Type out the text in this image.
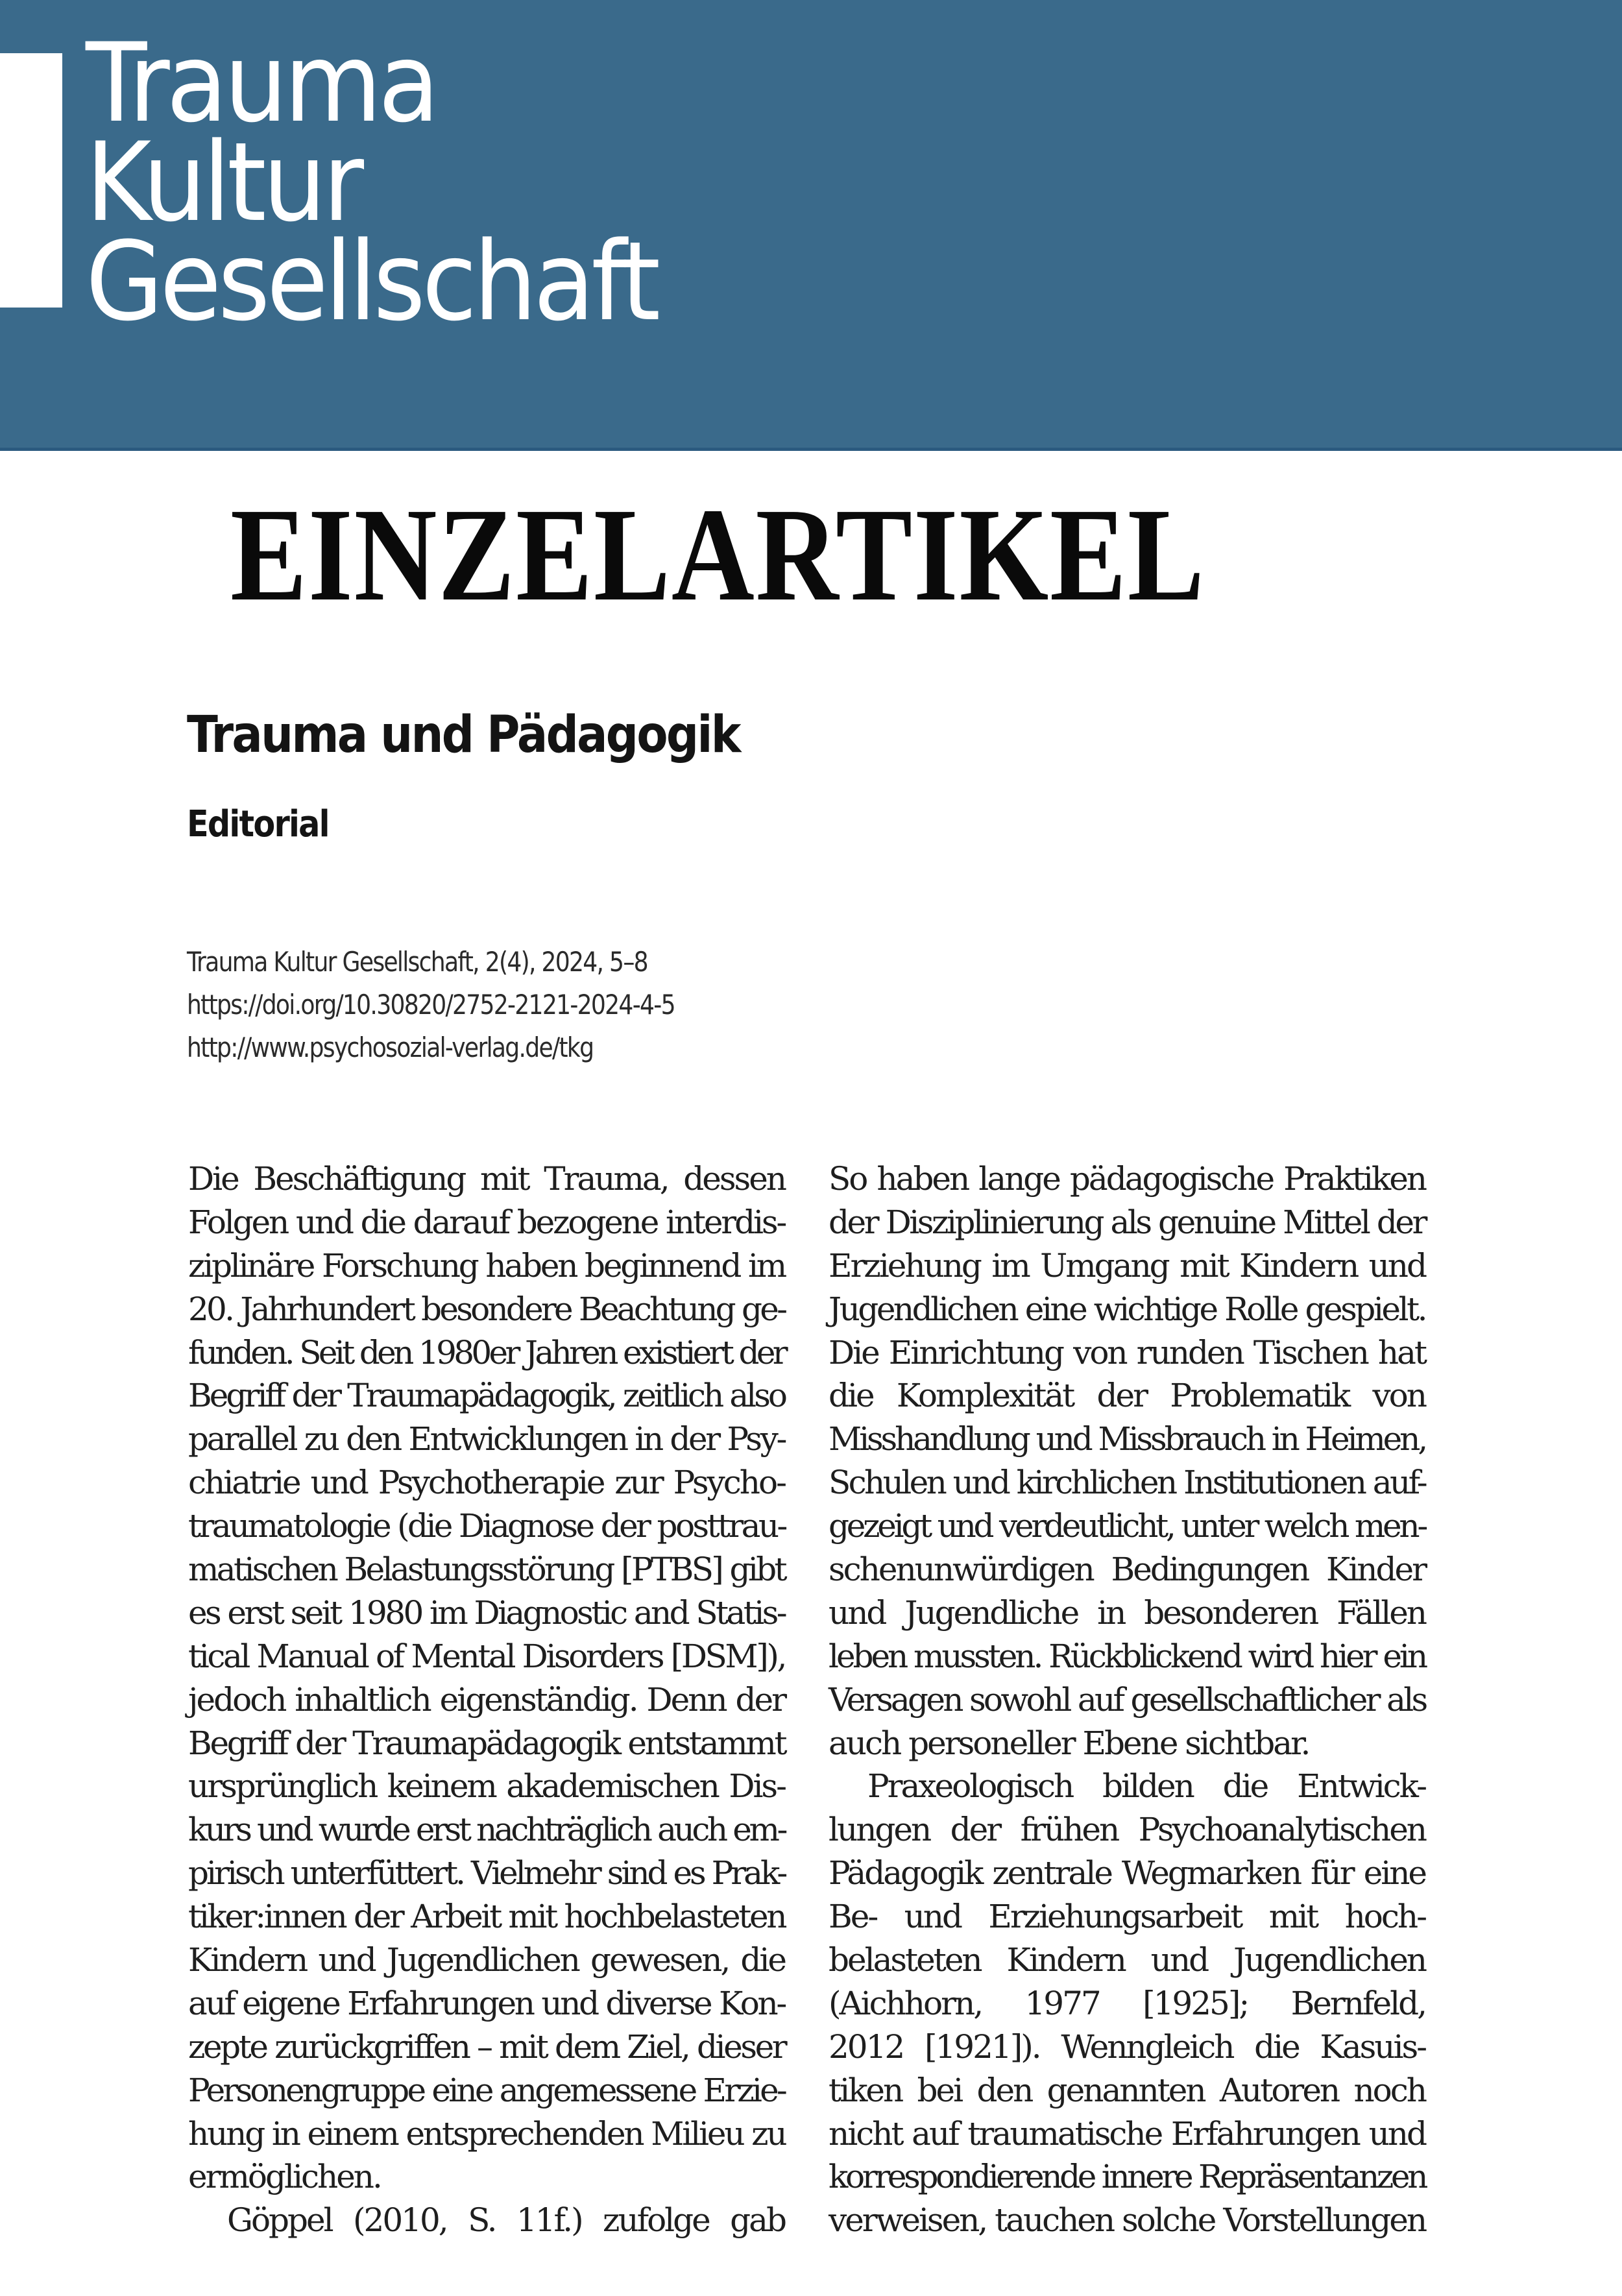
Trauma
Kultur
Gesellschaft
EINZELARTIKEL
Trauma und Pädagogik
Editorial
Trauma Kultur Gesellschaft, 2(4), 2024, 5–8
https://doi.org/10.30820/2752-2121-2024-4-5
http://www.psychosozial-verlag.de/tkg
Die Beschäftigung mit Trauma, dessen
Folgen und die darauf bezogene interdis-
ziplinäre Forschung haben beginnend im
20. Jahrhundert besondere Beachtung ge-
funden. Seit den 1980er Jahren existiert der
Begriff der Traumapädagogik, zeitlich also
parallel zu den Entwicklungen in der Psy-
chiatrie und Psychotherapie zur Psycho-
traumatologie (die Diagnose der posttrau-
matischen Belastungsstörung [PTBS] gibt
es erst seit 1980 im Diagnostic and Statis-
tical Manual of Mental Disorders [DSM]),
jedoch inhaltlich eigenständig. Denn der
Begriff der Traumapädagogik entstammt
ursprünglich keinem akademischen Dis-
kurs und wurde erst nachträglich auch em-
pirisch unterfüttert. Vielmehr sind es Prak-
tiker:innen der Arbeit mit hochbelasteten
Kindern und Jugendlichen gewesen, die
auf eigene Erfahrungen und diverse Kon-
zepte zurückgriffen – mit dem Ziel, dieser
Personengruppe eine angemessene Erzie-
hung in einem entsprechenden Milieu zu
ermöglichen.
Göppel (2010, S. 11f.) zufolge gab
So haben lange pädagogische Praktiken
der Disziplinierung als genuine Mittel der
Erziehung im Umgang mit Kindern und
Jugendlichen eine wichtige Rolle gespielt.
Die Einrichtung von runden Tischen hat
die Komplexität der Problematik von
Misshandlung und Missbrauch in Heimen,
Schulen und kirchlichen Institutionen auf-
gezeigt und verdeutlicht, unter welch men-
schenunwürdigen Bedingungen Kinder
und Jugendliche in besonderen Fällen
leben mussten. Rückblickend wird hier ein
Versagen sowohl auf gesellschaftlicher als
auch personeller Ebene sichtbar.
Praxeologisch bilden die Entwick-
lungen der frühen Psychoanalytischen
Pädagogik zentrale Wegmarken für eine
Be- und Erziehungsarbeit mit hoch-
belasteten Kindern und Jugendlichen
(Aichhorn, 1977 [1925]; Bernfeld,
2012 [1921]). Wenngleich die Kasuis-
tiken bei den genannten Autoren noch
nicht auf traumatische Erfahrungen und
korrespondierende innere Repräsentanzen
verweisen, tauchen solche Vorstellungen
